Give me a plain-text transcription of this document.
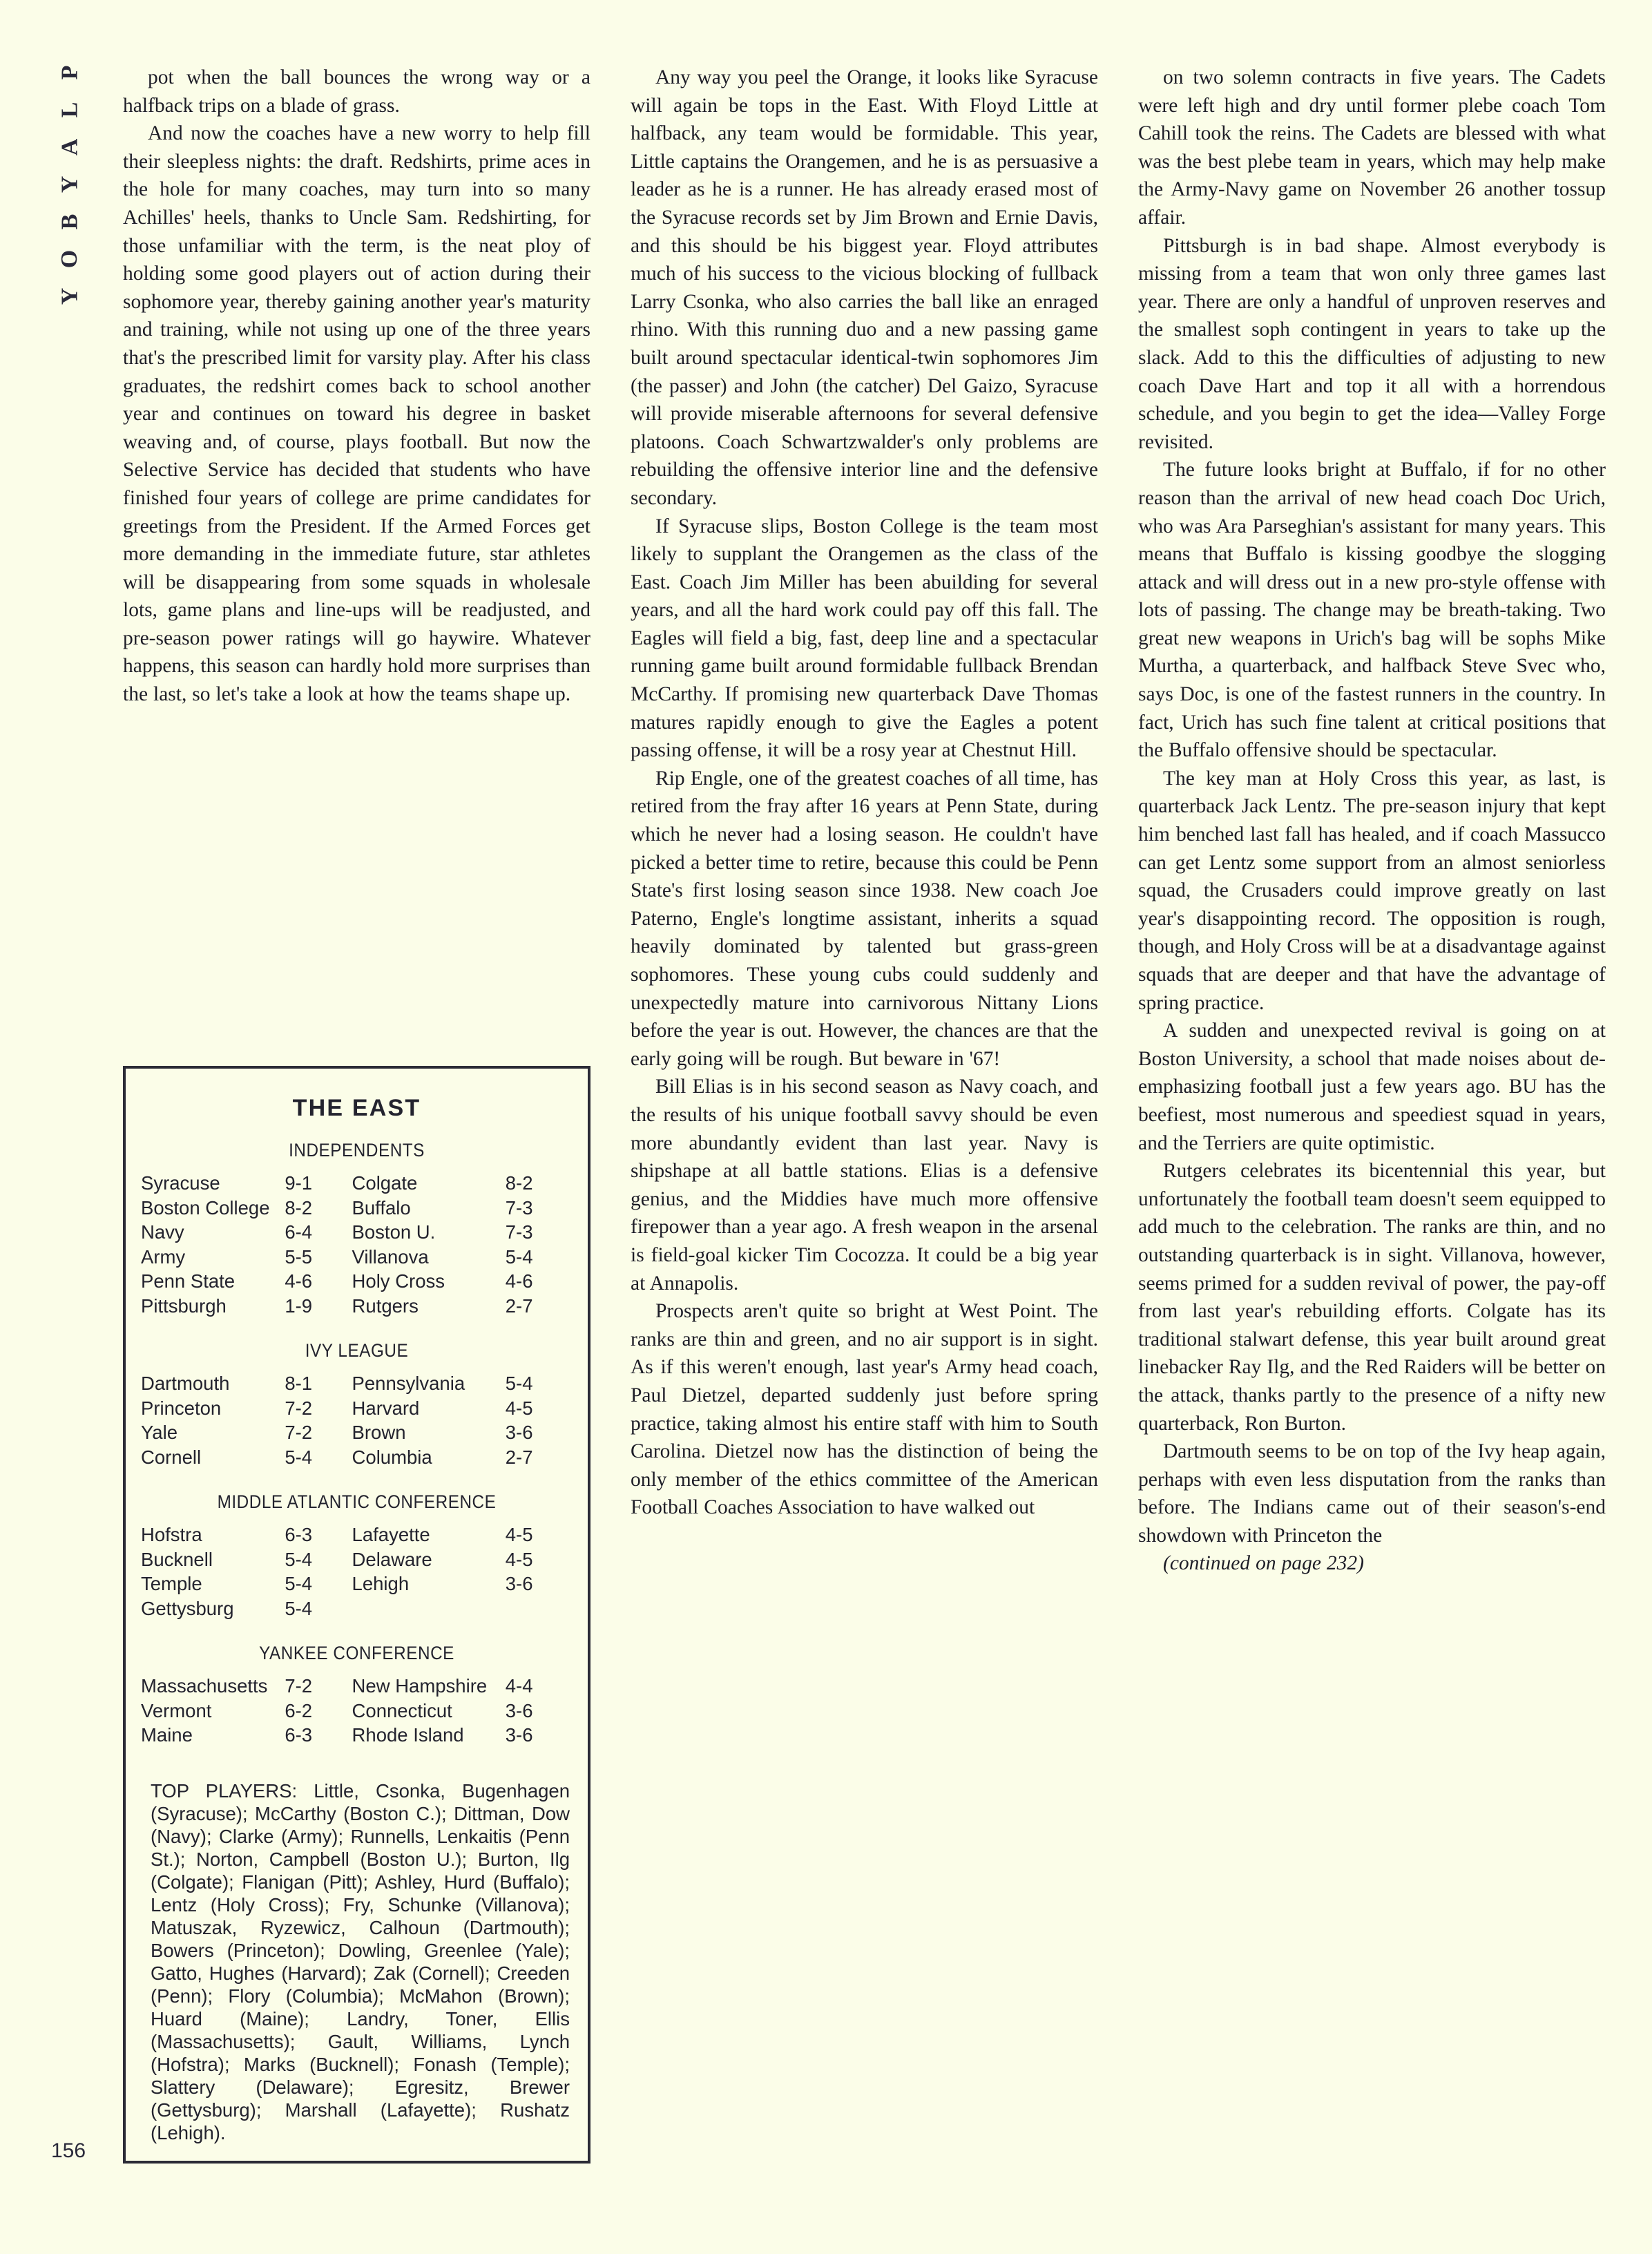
P
L
A
Y
B
O
Y
156

pot when the ball bounces the wrong way or a halfback trips on a blade of grass.

And now the coaches have a new worry to help fill their sleepless nights: the draft. Redshirts, prime aces in the hole for many coaches, may turn into so many Achilles' heels, thanks to Uncle Sam. Redshirting, for those unfamiliar with the term, is the neat ploy of holding some good players out of action during their sophomore year, thereby gaining another year's maturity and training, while not using up one of the three years that's the prescribed limit for varsity play. After his class graduates, the redshirt comes back to school another year and continues on toward his degree in basket weaving and, of course, plays football. But now the Selective Service has decided that students who have finished four years of college are prime candidates for greetings from the President. If the Armed Forces get more demanding in the immediate future, star athletes will be disappearing from some squads in wholesale lots, game plans and line-ups will be readjusted, and pre-season power ratings will go haywire. Whatever happens, this season can hardly hold more surprises than the last, so let's take a look at how the teams shape up.

THE EAST
INDEPENDENTS
Syracuse	9-1	Colgate	8-2
Boston College	8-2	Buffalo	7-3
Navy	6-4	Boston U.	7-3
Army	5-5	Villanova	5-4
Penn State	4-6	Holy Cross	4-6
Pittsburgh	1-9	Rutgers	2-7
IVY LEAGUE
Dartmouth	8-1	Pennsylvania	5-4
Princeton	7-2	Harvard	4-5
Yale	7-2	Brown	3-6
Cornell	5-4	Columbia	2-7
MIDDLE ATLANTIC CONFERENCE
Hofstra	6-3	Lafayette	4-5
Bucknell	5-4	Delaware	4-5
Temple	5-4	Lehigh	3-6
Gettysburg	5-4		
YANKEE CONFERENCE
Massachusetts	7-2	New Hampshire	4-4
Vermont	6-2	Connecticut	3-6
Maine	6-3	Rhode Island	3-6
TOP PLAYERS: Little, Csonka, Bugenhagen (Syracuse); McCarthy (Boston C.); Dittman, Dow (Navy); Clarke (Army); Runnells, Lenkaitis (Penn St.); Norton, Campbell (Boston U.); Burton, Ilg (Colgate); Flanigan (Pitt); Ashley, Hurd (Buffalo); Lentz (Holy Cross); Fry, Schunke (Villanova); Matuszak, Ryzewicz, Calhoun (Dartmouth); Bowers (Princeton); Dowling, Greenlee (Yale); Gatto, Hughes (Harvard); Zak (Cornell); Creeden (Penn); Flory (Columbia); McMahon (Brown); Huard (Maine); Landry, Toner, Ellis (Massachusetts); Gault, Williams, Lynch (Hofstra); Marks (Bucknell); Fonash (Temple); Slattery (Delaware); Egresitz, Brewer (Gettysburg); Marshall (Lafayette); Rushatz (Lehigh).

Any way you peel the Orange, it looks like Syracuse will again be tops in the East. With Floyd Little at halfback, any team would be formidable. This year, Little captains the Orangemen, and he is as persuasive a leader as he is a runner. He has already erased most of the Syracuse records set by Jim Brown and Ernie Davis, and this should be his biggest year. Floyd attributes much of his success to the vicious blocking of fullback Larry Csonka, who also carries the ball like an enraged rhino. With this running duo and a new passing game built around spectacular identical-twin sophomores Jim (the passer) and John (the catcher) Del Gaizo, Syracuse will provide miserable afternoons for several defensive platoons. Coach Schwartzwalder's only problems are rebuilding the offensive interior line and the defensive secondary.

If Syracuse slips, Boston College is the team most likely to supplant the Orangemen as the class of the East. Coach Jim Miller has been abuilding for several years, and all the hard work could pay off this fall. The Eagles will field a big, fast, deep line and a spectacular running game built around formidable fullback Brendan McCarthy. If promising new quarterback Dave Thomas matures rapidly enough to give the Eagles a potent passing offense, it will be a rosy year at Chestnut Hill.

Rip Engle, one of the greatest coaches of all time, has retired from the fray after 16 years at Penn State, during which he never had a losing season. He couldn't have picked a better time to retire, because this could be Penn State's first losing season since 1938. New coach Joe Paterno, Engle's longtime assistant, inherits a squad heavily dominated by talented but grass-green sophomores. These young cubs could suddenly and unexpectedly mature into carnivorous Nittany Lions before the year is out. However, the chances are that the early going will be rough. But beware in '67!

Bill Elias is in his second season as Navy coach, and the results of his unique football savvy should be even more abundantly evident than last year. Navy is shipshape at all battle stations. Elias is a defensive genius, and the Middies have much more offensive firepower than a year ago. A fresh weapon in the arsenal is field-goal kicker Tim Cocozza. It could be a big year at Annapolis.

Prospects aren't quite so bright at West Point. The ranks are thin and green, and no air support is in sight. As if this weren't enough, last year's Army head coach, Paul Dietzel, departed suddenly just before spring practice, taking almost his entire staff with him to South Carolina. Dietzel now has the distinction of being the only member of the ethics committee of the American Football Coaches Association to have walked out

on two solemn contracts in five years. The Cadets were left high and dry until former plebe coach Tom Cahill took the reins. The Cadets are blessed with what was the best plebe team in years, which may help make the Army-Navy game on November 26 another tossup affair.

Pittsburgh is in bad shape. Almost everybody is missing from a team that won only three games last year. There are only a handful of unproven reserves and the smallest soph contingent in years to take up the slack. Add to this the difficulties of adjusting to new coach Dave Hart and top it all with a horrendous schedule, and you begin to get the idea—Valley Forge revisited.

The future looks bright at Buffalo, if for no other reason than the arrival of new head coach Doc Urich, who was Ara Parseghian's assistant for many years. This means that Buffalo is kissing goodbye the slogging attack and will dress out in a new pro-style offense with lots of passing. The change may be breath-taking. Two great new weapons in Urich's bag will be sophs Mike Murtha, a quarterback, and halfback Steve Svec who, says Doc, is one of the fastest runners in the country. In fact, Urich has such fine talent at critical positions that the Buffalo offensive should be spectacular.

The key man at Holy Cross this year, as last, is quarterback Jack Lentz. The pre-season injury that kept him benched last fall has healed, and if coach Massucco can get Lentz some support from an almost seniorless squad, the Crusaders could improve greatly on last year's disappointing record. The opposition is rough, though, and Holy Cross will be at a disadvantage against squads that are deeper and that have the advantage of spring practice.

A sudden and unexpected revival is going on at Boston University, a school that made noises about de-emphasizing football just a few years ago. BU has the beefiest, most numerous and speediest squad in years, and the Terriers are quite optimistic.

Rutgers celebrates its bicentennial this year, but unfortunately the football team doesn't seem equipped to add much to the celebration. The ranks are thin, and no outstanding quarterback is in sight. Villanova, however, seems primed for a sudden revival of power, the pay-off from last year's rebuilding efforts. Colgate has its traditional stalwart defense, this year built around great linebacker Ray Ilg, and the Red Raiders will be better on the attack, thanks partly to the presence of a nifty new quarterback, Ron Burton.

Dartmouth seems to be on top of the Ivy heap again, perhaps with even less disputation from the ranks than before. The Indians came out of their season's-end showdown with Princeton the

(continued on page 232)
